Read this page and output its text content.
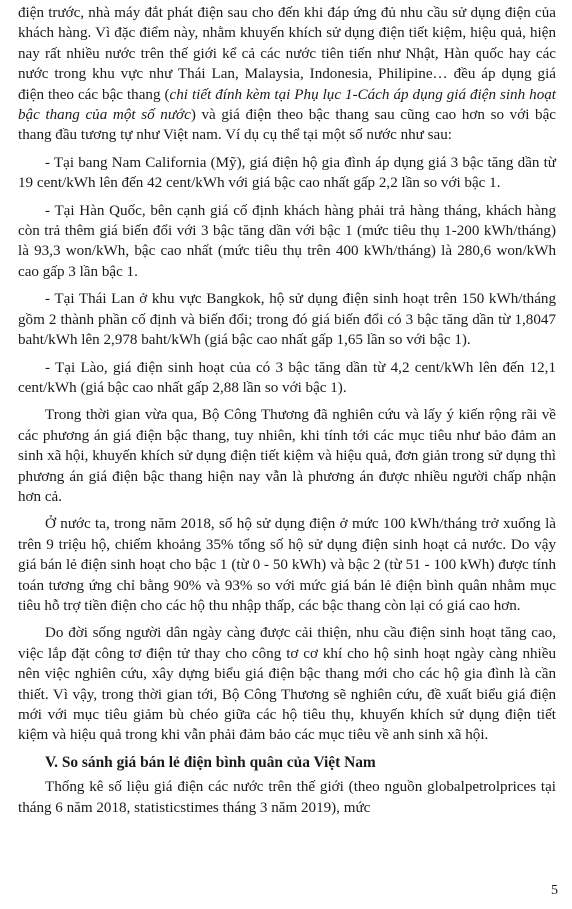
điện trước, nhà máy đắt phát điện sau cho đến khi đáp ứng đủ nhu cầu sử dụng điện của khách hàng. Vì đặc điểm này, nhằm khuyến khích sử dụng điện tiết kiệm, hiệu quả, hiện nay rất nhiều nước trên thế giới kể cả các nước tiên tiến như Nhật, Hàn quốc hay các nước trong khu vực như Thái Lan, Malaysia, Indonesia, Philipine… đều áp dụng giá điện theo các bậc thang (chi tiết đính kèm tại Phụ lục 1-Cách áp dụng giá điện sinh hoạt bậc thang của một số nước) và giá điện theo bậc thang sau cũng cao hơn so với bậc thang đầu tương tự như Việt nam. Ví dụ cụ thể tại một số nước như sau:

- Tại bang Nam California (Mỹ), giá điện hộ gia đình áp dụng giá 3 bậc tăng dần từ 19 cent/kWh lên đến 42 cent/kWh với giá bậc cao nhất gấp 2,2 lần so với bậc 1.

- Tại Hàn Quốc, bên cạnh giá cố định khách hàng phải trả hàng tháng, khách hàng còn trả thêm giá biến đổi với 3 bậc tăng dần với bậc 1 (mức tiêu thụ 1-200 kWh/tháng) là 93,3 won/kWh, bậc cao nhất (mức tiêu thụ trên 400 kWh/tháng) là 280,6 won/kWh cao gấp 3 lần bậc 1.

- Tại Thái Lan ở khu vực Bangkok, hộ sử dụng điện sinh hoạt trên 150 kWh/tháng gồm 2 thành phần cố định và biến đổi; trong đó giá biến đổi có 3 bậc tăng dần từ 1,8047 baht/kWh lên 2,978 baht/kWh (giá bậc cao nhất gấp 1,65 lần so với bậc 1).

- Tại Lào, giá điện sinh hoạt của có 3 bậc tăng dần từ 4,2 cent/kWh lên đến 12,1 cent/kWh (giá bậc cao nhất gấp 2,88 lần so với bậc 1).

Trong thời gian vừa qua, Bộ Công Thương đã nghiên cứu và lấy ý kiến rộng rãi về các phương án giá điện bậc thang, tuy nhiên, khi tính tới các mục tiêu như bảo đảm an sinh xã hội, khuyến khích sử dụng điện tiết kiệm và hiệu quả, đơn giản trong sử dụng thì phương án giá điện bậc thang hiện nay vẫn là phương án được nhiều người chấp nhận hơn cả.

Ở nước ta, trong năm 2018, số hộ sử dụng điện ở mức 100 kWh/tháng trở xuống là trên 9 triệu hộ, chiếm khoảng 35% tổng số hộ sử dụng điện sinh hoạt cả nước. Do vậy giá bán lẻ điện sinh hoạt cho bậc 1 (từ 0 - 50 kWh) và bậc 2 (từ 51 - 100 kWh) được tính toán tương ứng chỉ bằng 90% và 93% so với mức giá bán lẻ điện bình quân nhằm mục tiêu hỗ trợ tiền điện cho các hộ thu nhập thấp, các bậc thang còn lại có giá cao hơn.

Do đời sống người dân ngày càng được cải thiện, nhu cầu điện sinh hoạt tăng cao, việc lắp đặt công tơ điện tử thay cho công tơ cơ khí cho hộ sinh hoạt ngày càng nhiều nên việc nghiên cứu, xây dựng biểu giá điện bậc thang mới cho các hộ gia đình là cần thiết. Vì vậy, trong thời gian tới, Bộ Công Thương sẽ nghiên cứu, đề xuất biểu giá điện mới với mục tiêu giảm bù chéo giữa các hộ tiêu thụ, khuyến khích sử dụng điện tiết kiệm và hiệu quả trong khi vẫn phải đảm bảo các mục tiêu về anh sinh xã hội.

V. So sánh giá bán lẻ điện bình quân của Việt Nam

Thống kê số liệu giá điện các nước trên thế giới (theo nguồn globalpetrolprices tại tháng 6 năm 2018, statisticstimes tháng 3 năm 2019), mức

5
